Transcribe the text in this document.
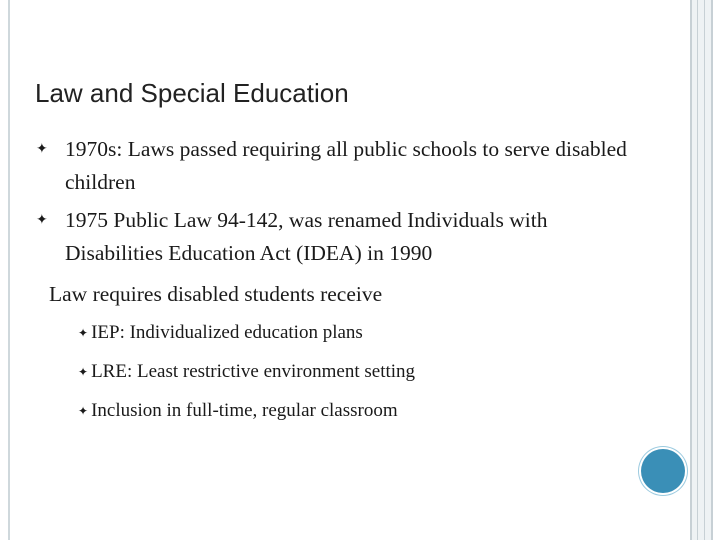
Law and Special Education
✦ 1970s: Laws passed requiring all public schools to serve disabled children
✦ 1975 Public Law 94-142, was renamed Individuals with Disabilities Education Act (IDEA) in 1990
Law requires disabled students receive
✦ IEP: Individualized education plans
✦ LRE: Least restrictive environment setting
✦ Inclusion in full-time, regular classroom
